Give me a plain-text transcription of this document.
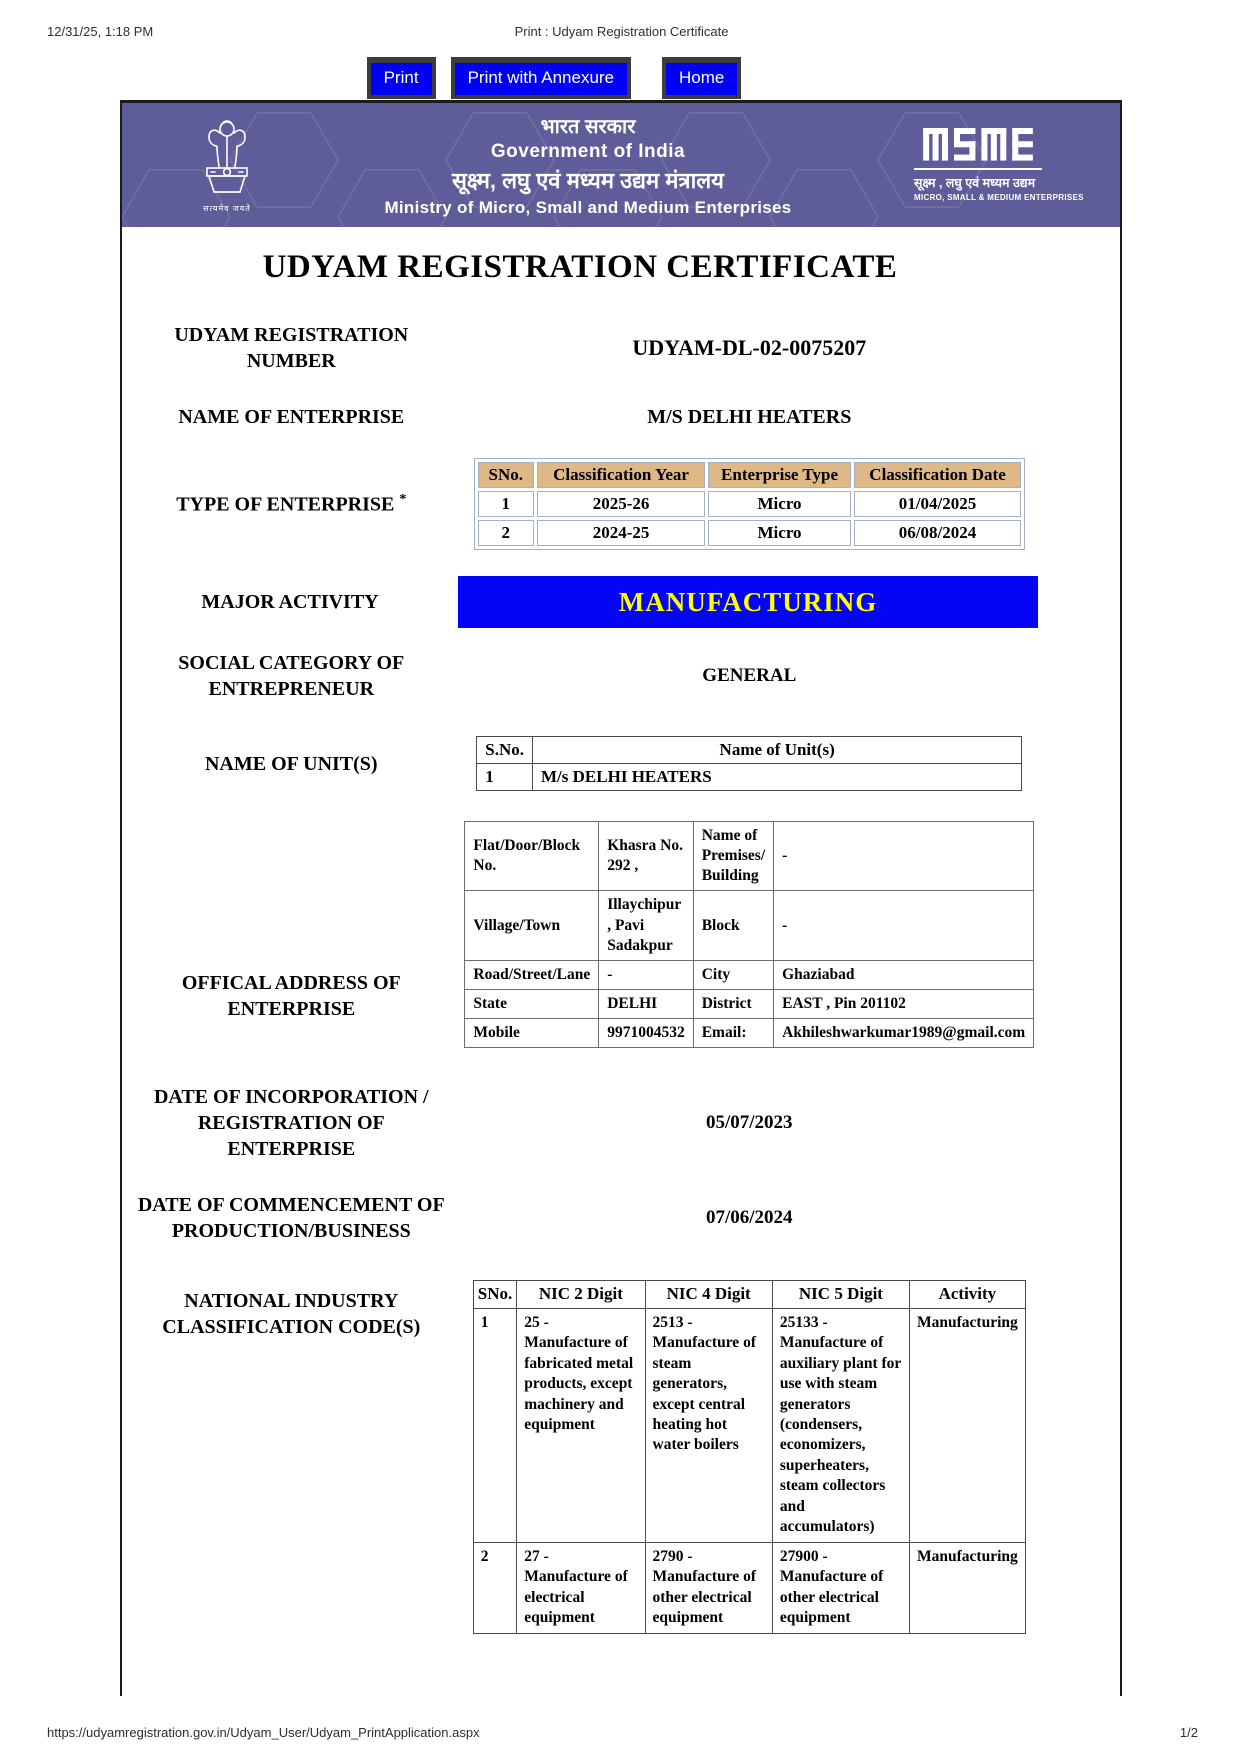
12/31/25, 1:18 PM	Print : Udyam Registration Certificate
Print	Print with Annexure	Home
सत्यमेव जयते
भारत सरकार
Government of India
सूक्ष्म, लघु एवं मध्यम उद्यम मंत्रालय
Ministry of Micro, Small and Medium Enterprises
सूक्ष्म , लघु एवं मध्यम उद्यम
MICRO, SMALL & MEDIUM ENTERPRISES
UDYAM REGISTRATION CERTIFICATE
UDYAM REGISTRATION NUMBER
UDYAM-DL-02-0075207
NAME OF ENTERPRISE	M/S DELHI HEATERS
TYPE OF ENTERPRISE *
SNo.	Classification Year	Enterprise Type	Classification Date
1	2025-26	Micro	01/04/2025
2	2024-25	Micro	06/08/2024
MAJOR ACTIVITY	MANUFACTURING
SOCIAL CATEGORY OF ENTREPRENEUR
GENERAL
NAME OF UNIT(S)
S.No.	Name of Unit(s)
1	M/s DELHI HEATERS
OFFICAL ADDRESS OF ENTERPRISE
Flat/Door/Block No.	Khasra No. 292 ,	Name of Premises/ Building	-
Village/Town	Illaychipur , Pavi Sadakpur	Block	-
Road/Street/Lane	-	City	Ghaziabad
State	DELHI	District	EAST , Pin 201102
Mobile	9971004532	Email:	Akhileshwarkumar1989@gmail.com
DATE OF INCORPORATION / REGISTRATION OF ENTERPRISE
05/07/2023
DATE OF COMMENCEMENT OF PRODUCTION/BUSINESS
07/06/2024
NATIONAL INDUSTRY CLASSIFICATION CODE(S)
SNo.	NIC 2 Digit	NIC 4 Digit	NIC 5 Digit	Activity
1	25 - Manufacture of fabricated metal products, except machinery and equipment	2513 - Manufacture of steam generators, except central heating hot water boilers	25133 - Manufacture of auxiliary plant for use with steam generators (condensers, economizers, superheaters, steam collectors and accumulators)	Manufacturing
2	27 - Manufacture of electrical equipment	2790 - Manufacture of other electrical equipment	27900 - Manufacture of other electrical equipment	Manufacturing
https://udyamregistration.gov.in/Udyam_User/Udyam_PrintApplication.aspx	1/2
